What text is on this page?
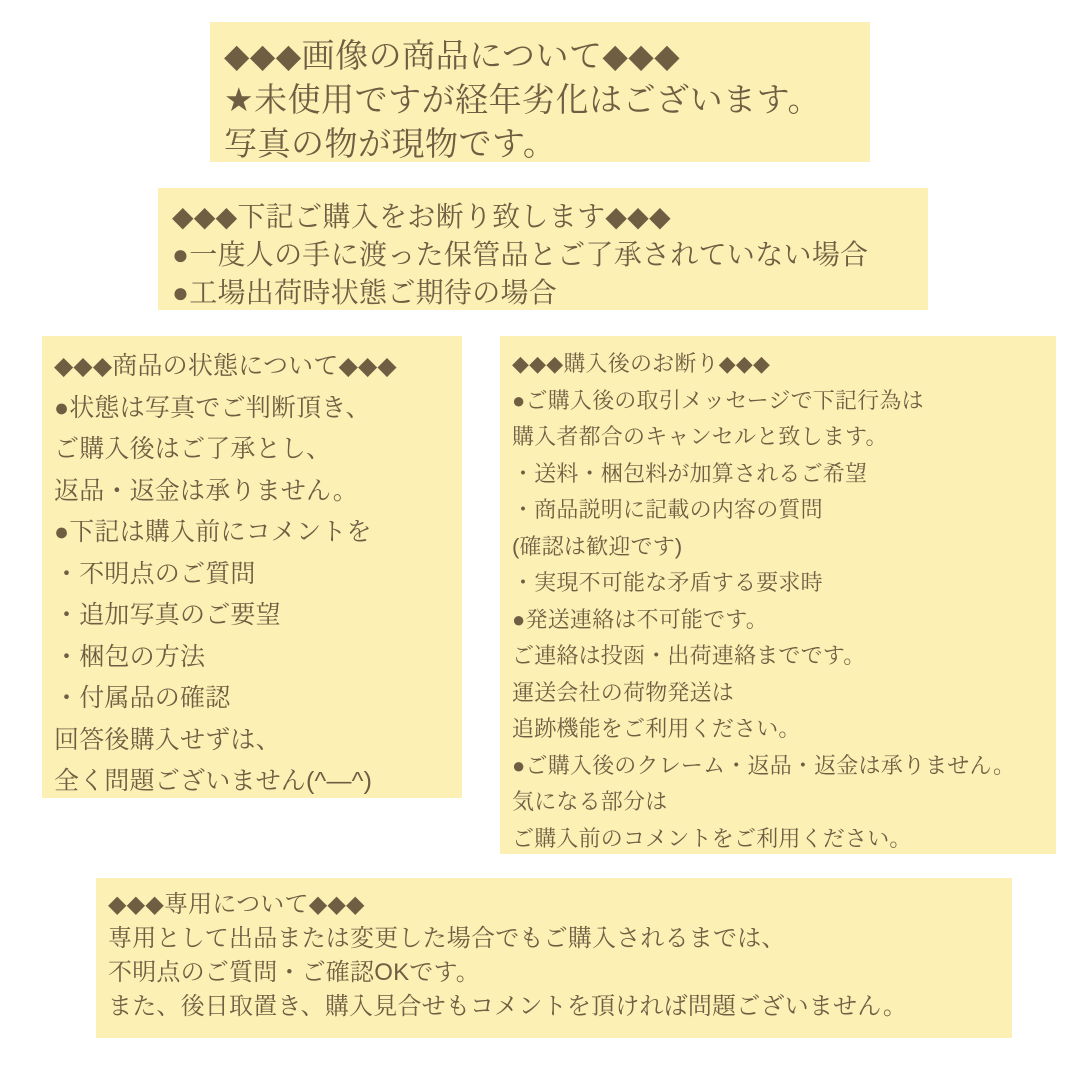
◆◆◆画像の商品について◆◆◆
★未使用ですが経年劣化はございます。
写真の物が現物です。
◆◆◆下記ご購入をお断り致します◆◆◆
●一度人の手に渡った保管品とご了承されていない場合
●工場出荷時状態ご期待の場合
◆◆◆商品の状態について◆◆◆
●状態は写真でご判断頂き、
ご購入後はご了承とし、
返品・返金は承りません。
●下記は購入前にコメントを
・不明点のご質問
・追加写真のご要望
・梱包の方法
・付属品の確認
回答後購入せずは、
全く問題ございません(^―^)
◆◆◆購入後のお断り◆◆◆
●ご購入後の取引メッセージで下記行為は
購入者都合のキャンセルと致します。
・送料・梱包料が加算されるご希望
・商品説明に記載の内容の質問
(確認は歓迎です)
・実現不可能な矛盾する要求時
●発送連絡は不可能です。
ご連絡は投函・出荷連絡までです。
運送会社の荷物発送は
追跡機能をご利用ください。
●ご購入後のクレーム・返品・返金は承りません。
気になる部分は
ご購入前のコメントをご利用ください。
◆◆◆専用について◆◆◆
専用として出品または変更した場合でもご購入されるまでは、
不明点のご質問・ご確認OKです。
また、後日取置き、購入見合せもコメントを頂ければ問題ございません。
